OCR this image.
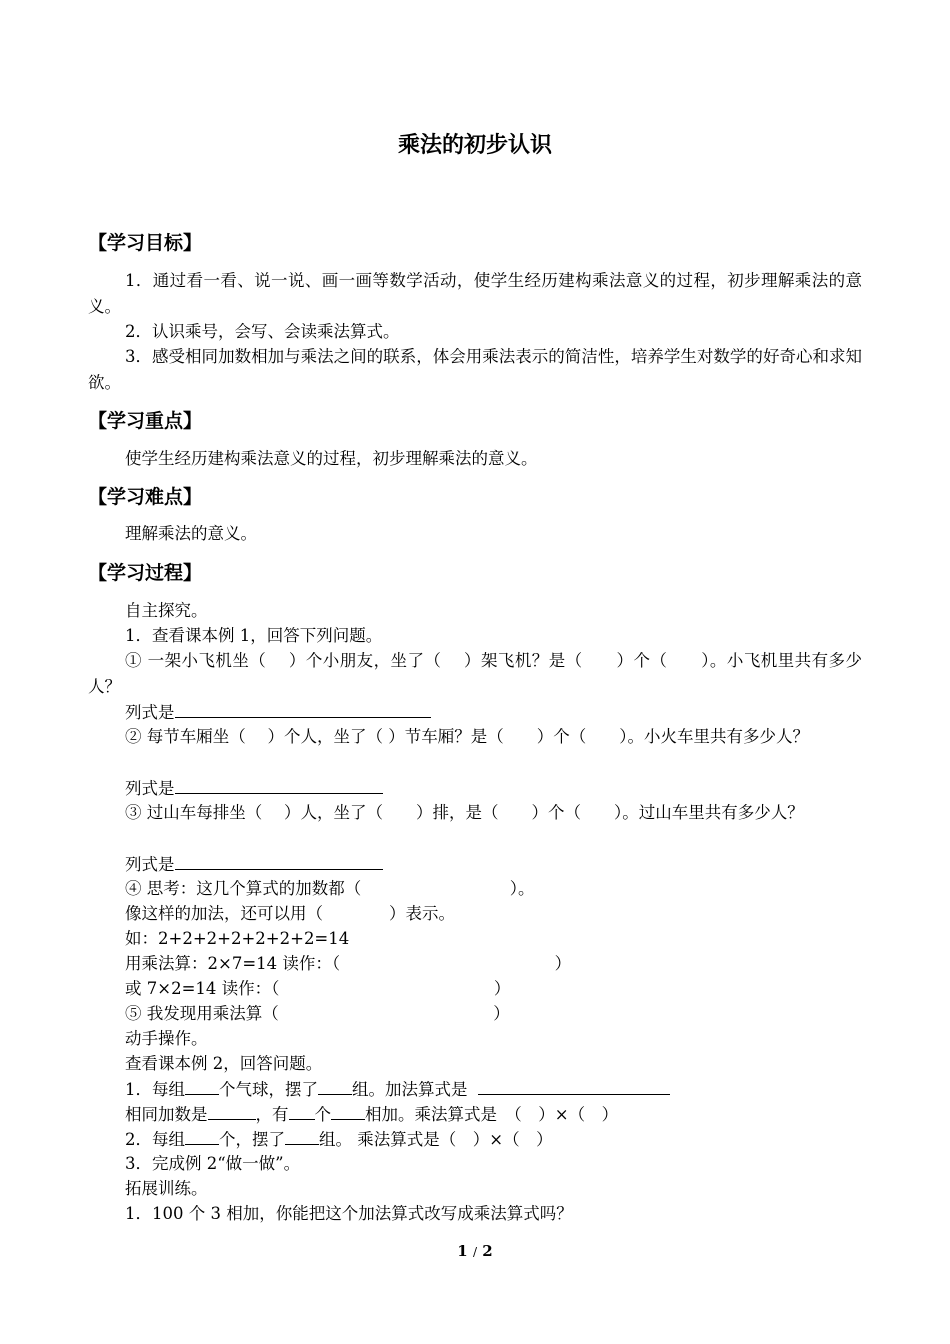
乘法的初步认识
【学习目标】
1．通过看一看、说一说、画一画等数学活动，使学生经历建构乘法意义的过程，初步理解乘法的意义。
2．认识乘号，会写、会读乘法算式。
3．感受相同加数相加与乘法之间的联系，体会用乘法表示的简洁性，培养学生对数学的好奇心和求知欲。
【学习重点】
使学生经历建构乘法意义的过程，初步理解乘法的意义。
【学习难点】
理解乘法的意义。
【学习过程】
自主探究。
1．查看课本例 1，回答下列问题。
① 一架小飞机坐（　 ）个小朋友，坐了（　 ）架飞机？是（　　）个（　　）。小飞机里共有多少人？
列式是
② 每节车厢坐（　 ）个人，坐了（ ）节车厢？是（　　）个（　　）。小火车里共有多少人？
列式是
③ 过山车每排坐（　 ）人，坐了（　　）排，是（　　）个（　　）。过山车里共有多少人？
列式是
④ 思考：这几个算式的加数都（　　　　　　　　　）。
像这样的加法，还可以用（　　　　）表示。
如：2+2+2+2+2+2+2=14
用乘法算：2×7=14 读作：（　　　　　　　　　　　　　）
或 7×2=14 读作：（　　　　　　　　　　　　　）
⑤ 我发现用乘法算（　　　　　　　　　　　　　）
动手操作。
查看课本例 2，回答问题。
1．每组 个气球，摆了 组。加法算式是
相同加数是	，有 个 相加。乘法算式是　（　）×（　）
2．每组 个，摆了 组。 乘法算式是（　）×（　）
3．完成例 2“做一做”。
拓展训练。
1．100 个 3 相加，你能把这个加法算式改写成乘法算式吗？
1 / 2
